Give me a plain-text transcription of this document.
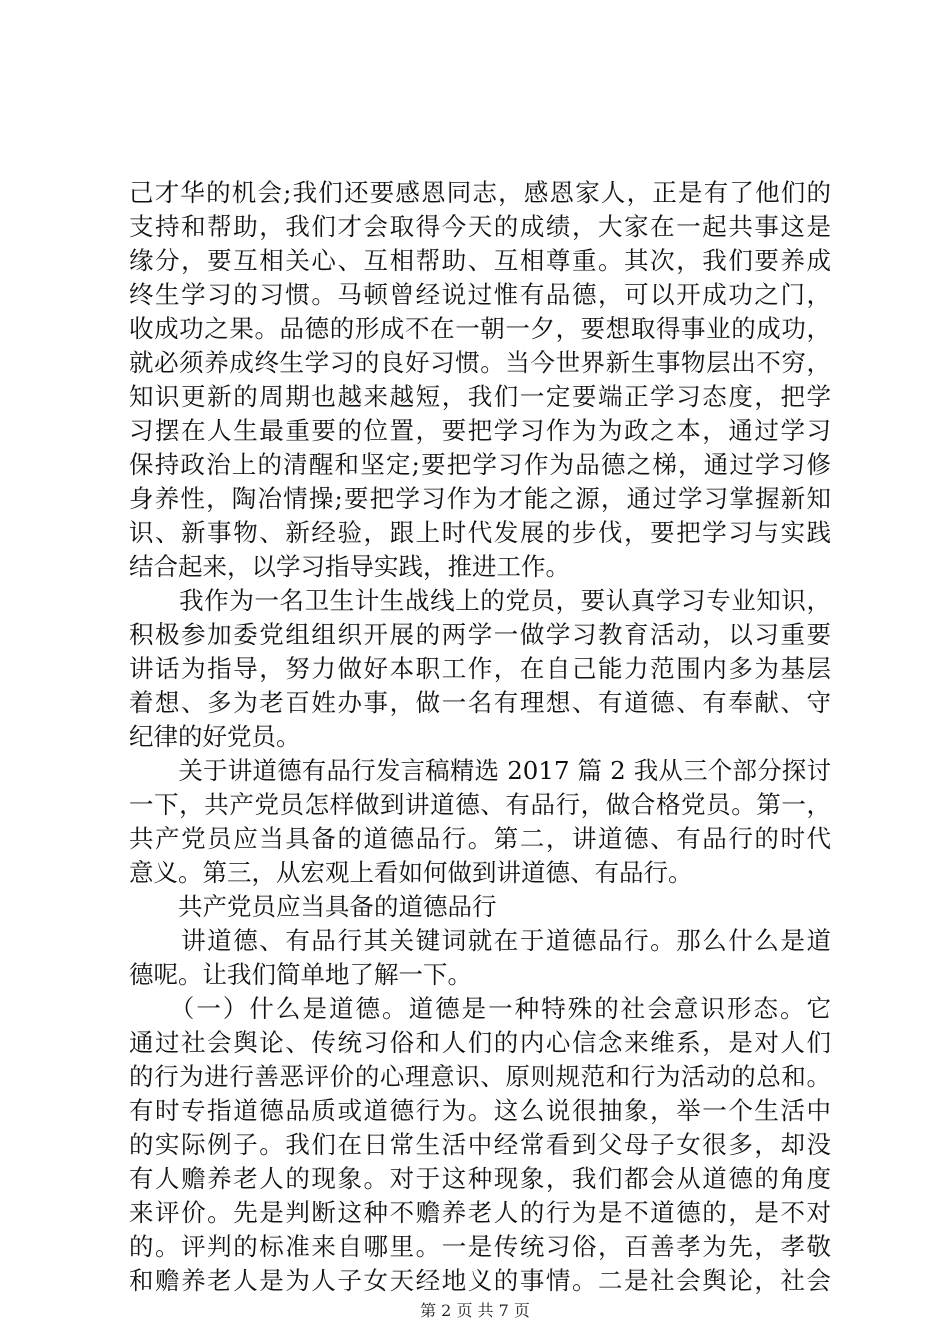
己才华的机会;我们还要感恩同志，感恩家人，正是有了他们的
支持和帮助，我们才会取得今天的成绩，大家在一起共事这是
缘分，要互相关心、互相帮助、互相尊重。其次，我们要养成
终生学习的习惯。马顿曾经说过惟有品德，可以开成功之门，
收成功之果。品德的形成不在一朝一夕，要想取得事业的成功，
就必须养成终生学习的良好习惯。当今世界新生事物层出不穷，
知识更新的周期也越来越短，我们一定要端正学习态度，把学
习摆在人生最重要的位置，要把学习作为为政之本，通过学习
保持政治上的清醒和坚定;要把学习作为品德之梯，通过学习修
身养性，陶冶情操;要把学习作为才能之源，通过学习掌握新知
识、新事物、新经验，跟上时代发展的步伐，要把学习与实践
结合起来，以学习指导实践，推进工作。
　　我作为一名卫生计生战线上的党员，要认真学习专业知识，
积极参加委党组组织开展的两学一做学习教育活动，以习重要
讲话为指导，努力做好本职工作，在自己能力范围内多为基层
着想、多为老百姓办事，做一名有理想、有道德、有奉献、守
纪律的好党员。
　　关于讲道德有品行发言稿精选 2017 篇 2 我从三个部分探讨
一下，共产党员怎样做到讲道德、有品行，做合格党员。第一，
共产党员应当具备的道德品行。第二，讲道德、有品行的时代
意义。第三，从宏观上看如何做到讲道德、有品行。
　　共产党员应当具备的道德品行
　　讲道德、有品行其关键词就在于道德品行。那么什么是道
德呢。让我们简单地了解一下。
　　（一）什么是道德。道德是一种特殊的社会意识形态。它
通过社会舆论、传统习俗和人们的内心信念来维系，是对人们
的行为进行善恶评价的心理意识、原则规范和行为活动的总和。
有时专指道德品质或道德行为。这么说很抽象，举一个生活中
的实际例子。我们在日常生活中经常看到父母子女很多，却没
有人赡养老人的现象。对于这种现象，我们都会从道德的角度
来评价。先是判断这种不赡养老人的行为是不道德的，是不对
的。评判的标准来自哪里。一是传统习俗，百善孝为先，孝敬
和赡养老人是为人子女天经地义的事情。二是社会舆论，社会
第 2 页 共 7 页
